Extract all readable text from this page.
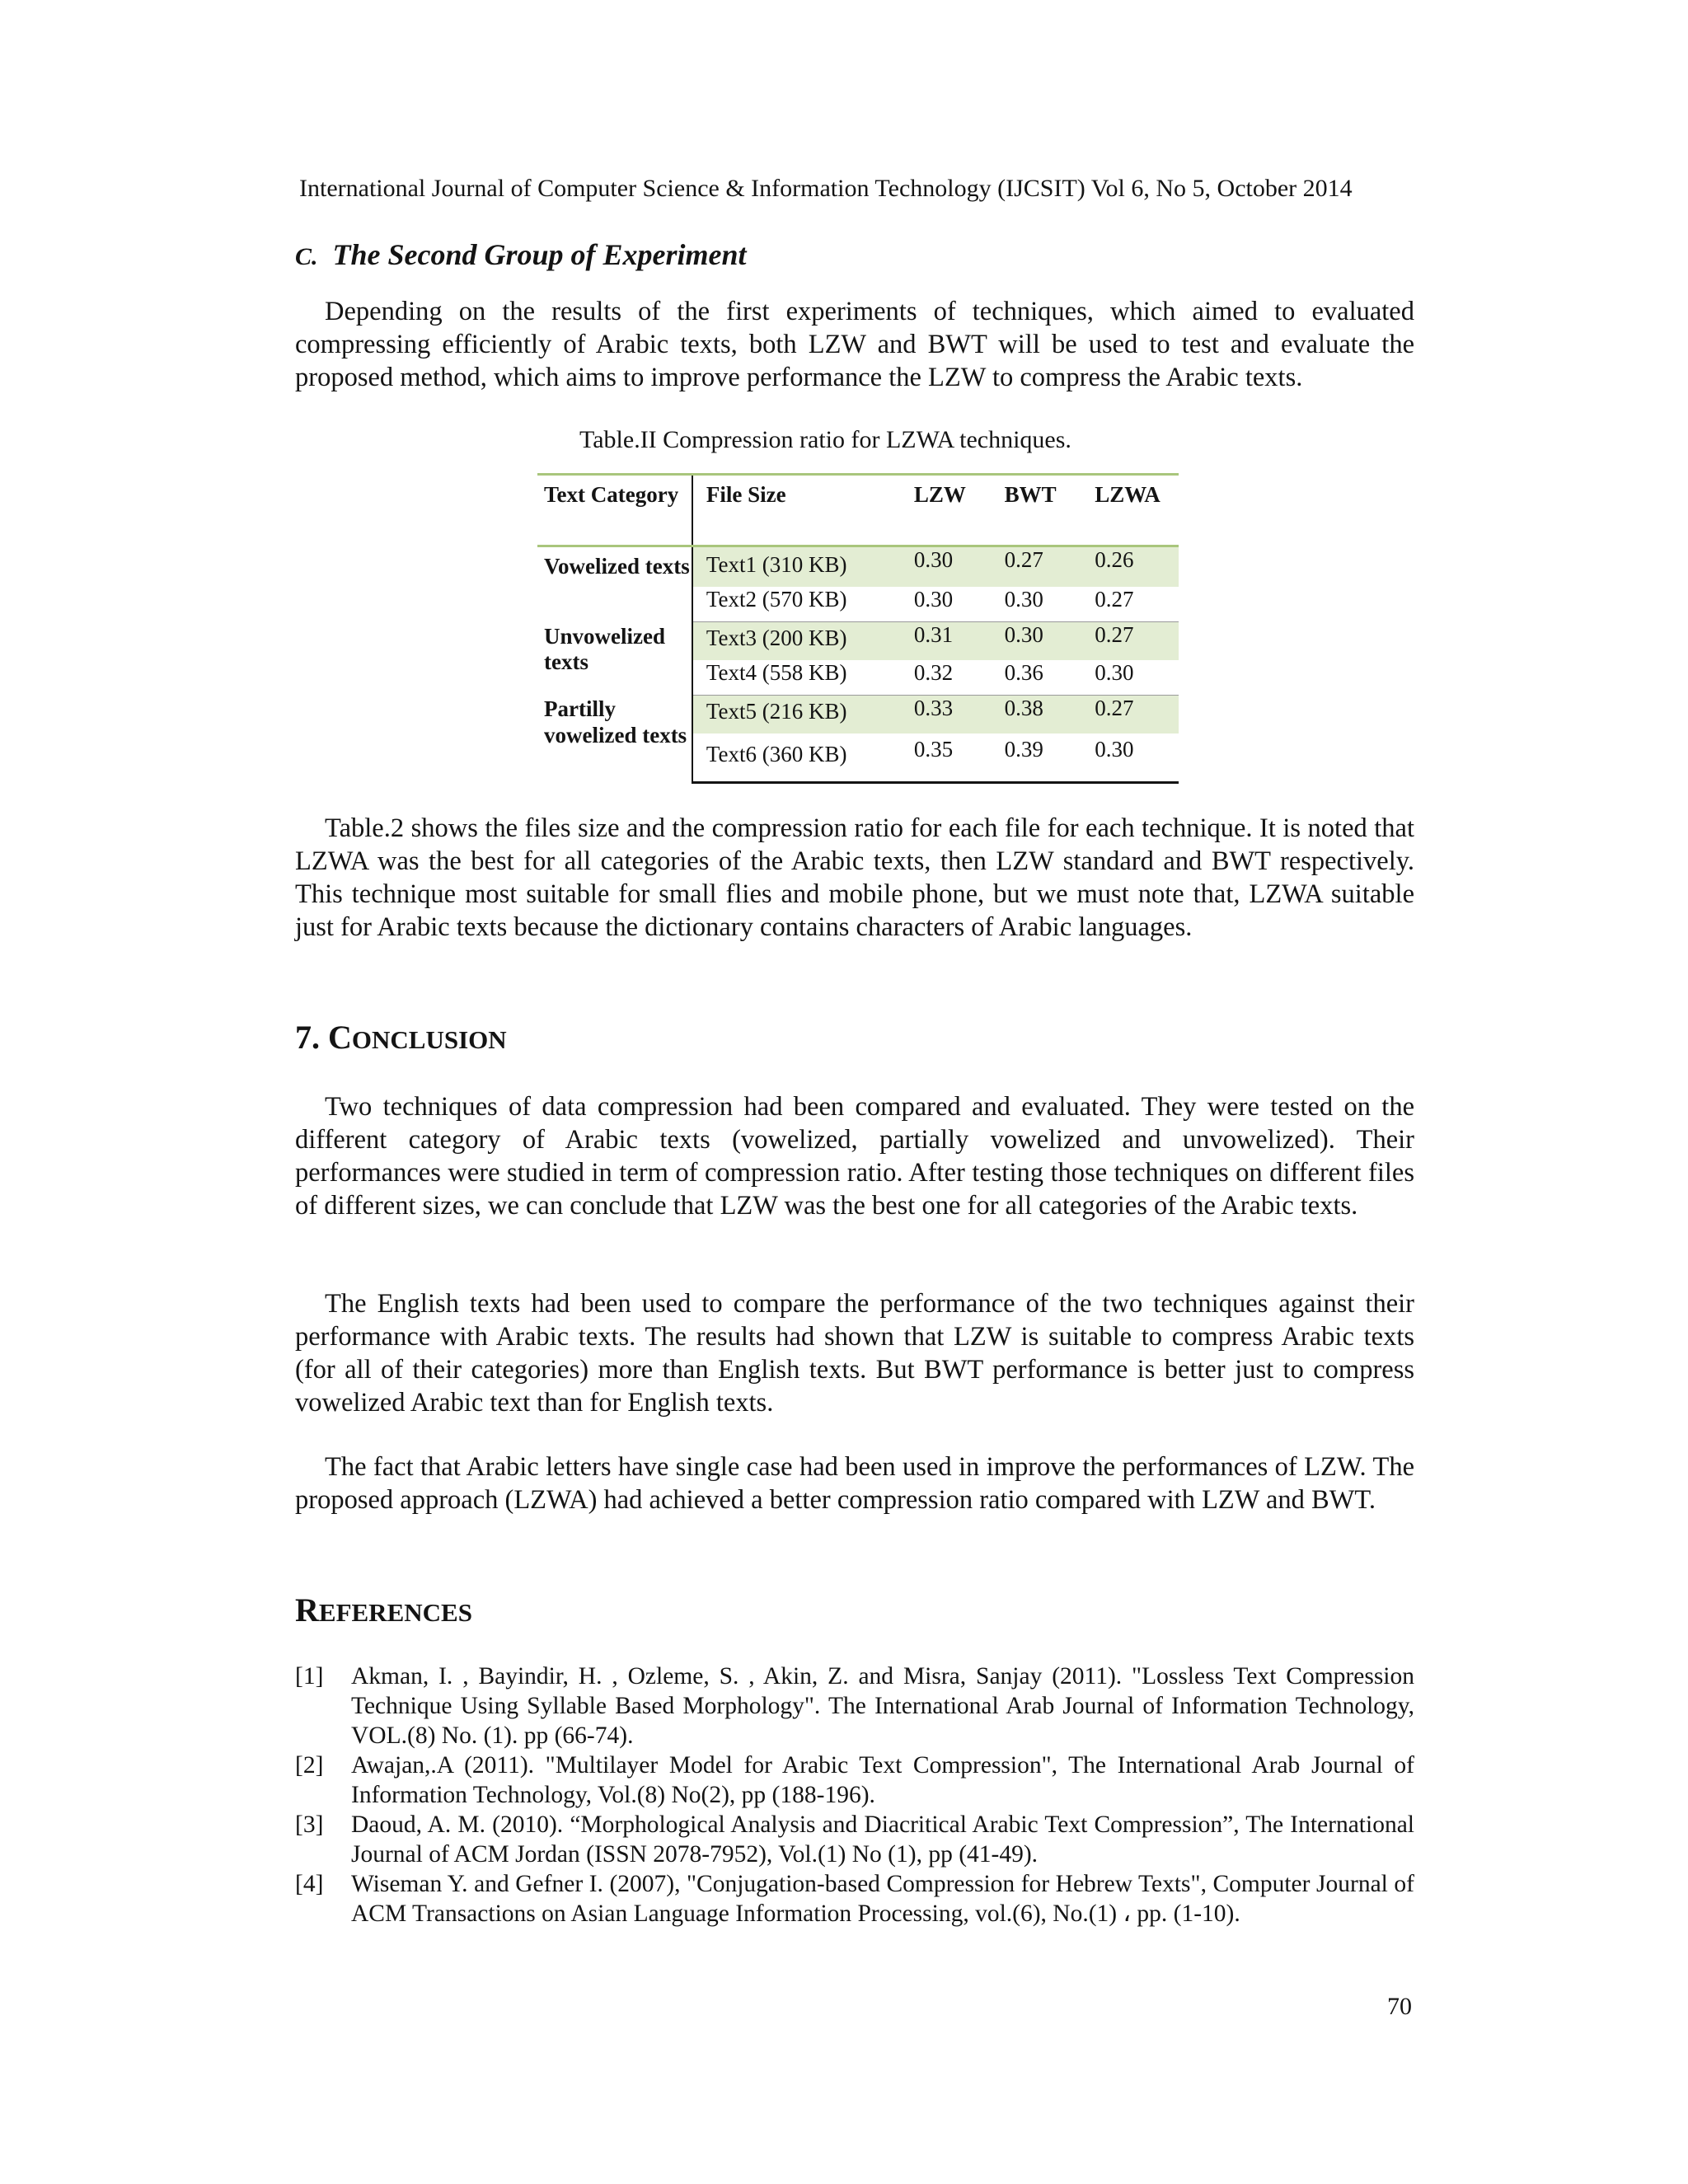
International Journal of Computer Science & Information Technology (IJCSIT) Vol 6, No 5, October 2014
C. The Second Group of Experiment
Depending on the results of the first experiments of techniques, which aimed to evaluated compressing efficiently of Arabic texts, both LZW and BWT will be used to test and evaluate the proposed method, which aims to improve performance the LZW to compress the Arabic texts.
Table.II Compression ratio for LZWA techniques.
Text Category	File Size	LZW	BWT	LZWA
Vowelized texts	Text1 (310 KB)	0.30	0.27	0.26
	Text2 (570 KB)	0.30	0.30	0.27
Unvowelized texts	Text3 (200 KB)	0.31	0.30	0.27
	Text4 (558 KB)	0.32	0.36	0.30
Partilly vowelized texts	Text5 (216 KB)	0.33	0.38	0.27
	Text6 (360 KB)	0.35	0.39	0.30
Table.2 shows the files size and the compression ratio for each file for each technique. It is noted that LZWA was the best for all categories of the Arabic texts, then LZW standard and BWT respectively. This technique most suitable for small flies and mobile phone, but we must note that, LZWA suitable just for Arabic texts because the dictionary contains characters of Arabic languages.
7. CONCLUSION
Two techniques of data compression had been compared and evaluated. They were tested on the different category of Arabic texts (vowelized, partially vowelized and unvowelized). Their performances were studied in term of compression ratio. After testing those techniques on different files of different sizes, we can conclude that LZW was the best one for all categories of the Arabic texts.
The English texts had been used to compare the performance of the two techniques against their performance with Arabic texts. The results had shown that LZW is suitable to compress Arabic texts (for all of their categories) more than English texts. But BWT performance is better just to compress vowelized Arabic text than for English texts.
The fact that Arabic letters have single case had been used in improve the performances of LZW. The proposed approach (LZWA) had achieved a better compression ratio compared with LZW and BWT.
REFERENCES
[1]	Akman, I. , Bayindir, H. , Ozleme, S. , Akin, Z. and Misra, Sanjay (2011). "Lossless Text Compression Technique Using Syllable Based Morphology". The International Arab Journal of Information Technology, VOL.(8) No. (1). pp (66-74).
[2]	Awajan,.A (2011). "Multilayer Model for Arabic Text Compression", The International Arab Journal of Information Technology, Vol.(8) No(2), pp (188-196).
[3]	Daoud, A. M. (2010). “Morphological Analysis and Diacritical Arabic Text Compression”, The International Journal of ACM Jordan (ISSN 2078-7952), Vol.(1) No (1), pp (41-49).
[4]	Wiseman Y. and Gefner I. (2007), "Conjugation-based Compression for Hebrew Texts", Computer Journal of ACM Transactions on Asian Language Information Processing, vol.(6), No.(1) ، pp. (1-10).
70
